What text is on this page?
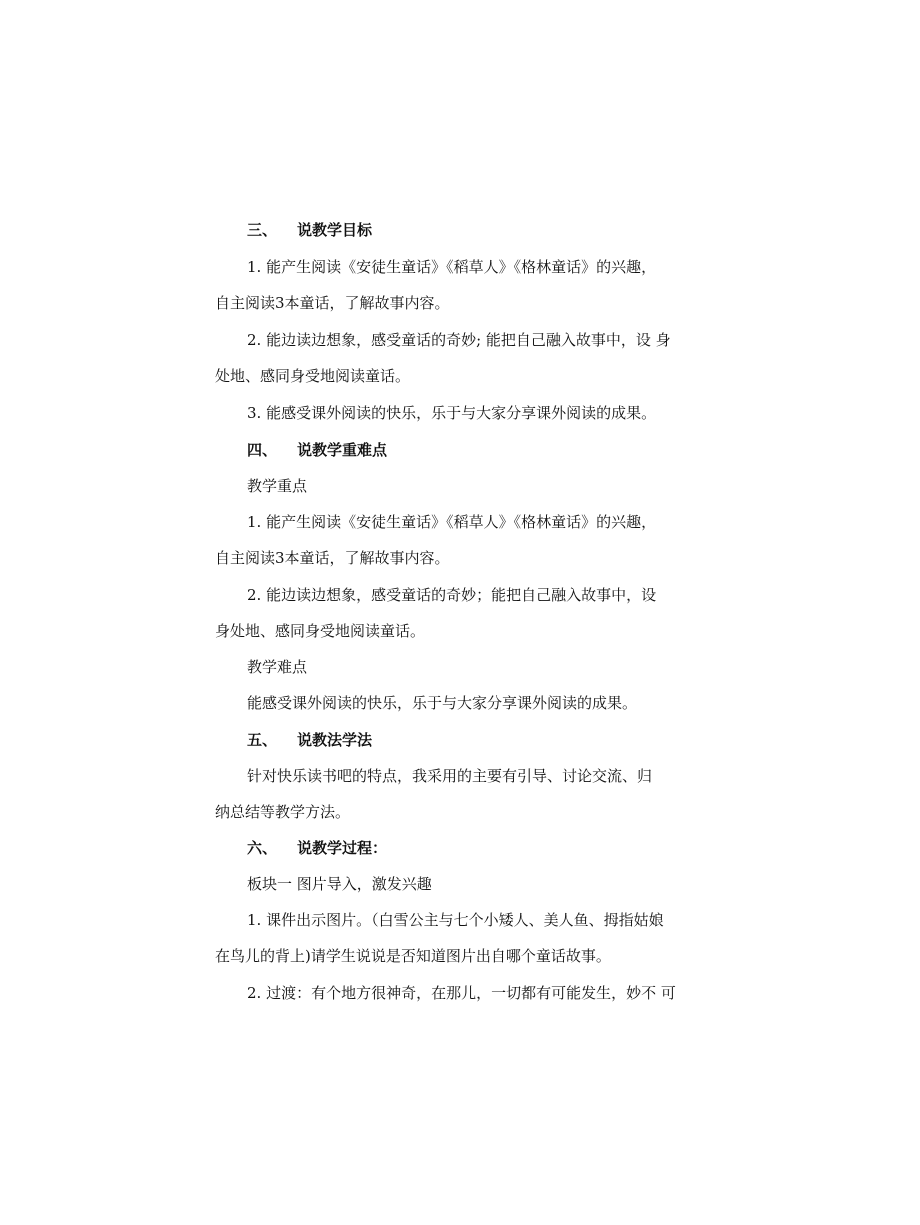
三、 说教学目标
1. 能产生阅读《安徒生童话》《稻草人》《格林童话》的兴趣，
自主阅读3本童话，了解故事内容。
2. 能边读边想象，感受童话的奇妙; 能把自己融入故事中，设 身
处地、感同身受地阅读童话。
3. 能感受课外阅读的快乐，乐于与大家分享课外阅读的成果。
四、 说教学重难点
教学重点
1. 能产生阅读《安徒生童话》《稻草人》《格林童话》的兴趣，
自主阅读3本童话，了解故事内容。
2. 能边读边想象，感受童话的奇妙；能把自己融入故事中，设
身处地、感同身受地阅读童话。
教学难点
能感受课外阅读的快乐，乐于与大家分享课外阅读的成果。
五、 说教法学法
针对快乐读书吧的特点，我采用的主要有引导、讨论交流、归
纳总结等教学方法。
六、 说教学过程：
板块一 图片导入，激发兴趣
1. 课件出示图片。（白雪公主与七个小矮人、美人鱼、拇指姑娘
在鸟儿的背上)请学生说说是否知道图片出自哪个童话故事。
2. 过渡：有个地方很神奇，在那儿，一切都有可能发生，妙不 可
